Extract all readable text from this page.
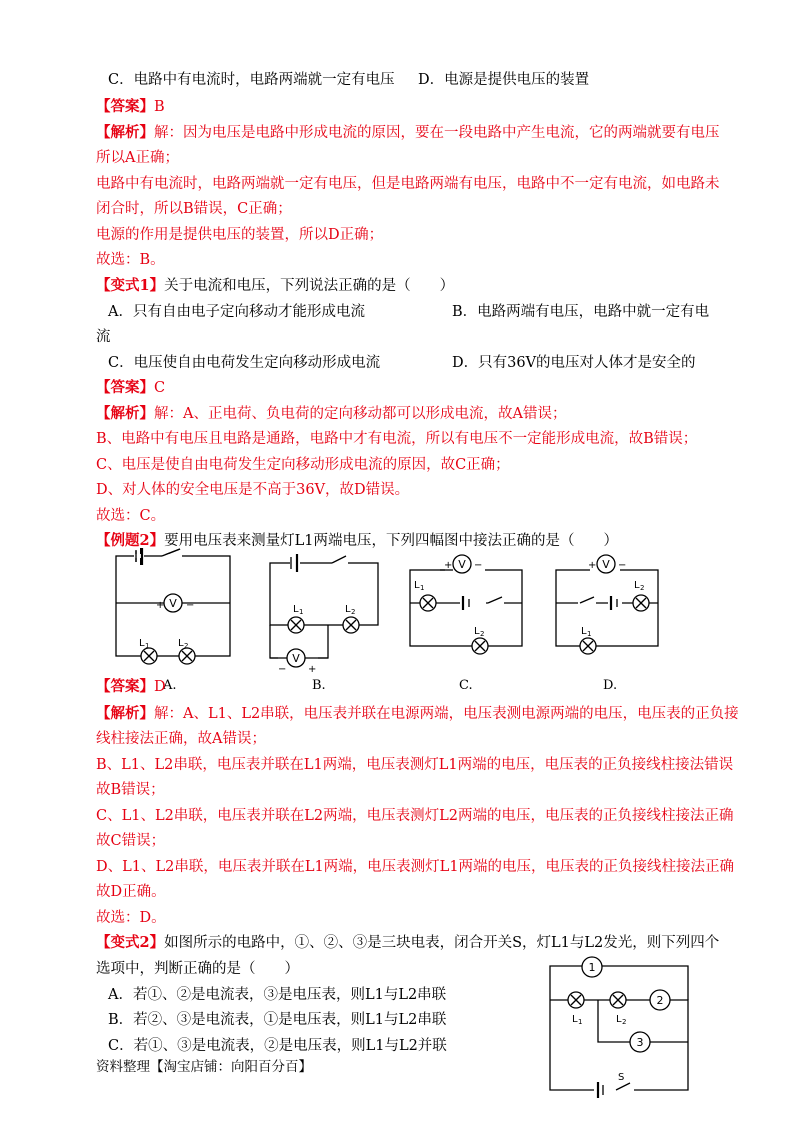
C．电路中有电流时，电路两端就一定有电压 D．电源是提供电压的装置
【答案】B
【解析】解：因为电压是电路中形成电流的原因，要在一段电路中产生电流，它的两端就要有电压
所以A正确；
电路中有电流时，电路两端就一定有电压，但是电路两端有电压，电路中不一定有电流，如电路未
闭合时，所以B错误，C正确；
电源的作用是提供电压的装置，所以D正确；
故选：B。
【变式1】关于电流和电压，下列说法正确的是（　　）
A．只有自由电子定向移动才能形成电流	B．电路两端有电压，电路中就一定有电
流
C．电压使自由电荷发生定向移动形成电流	D．只有36V的电压对人体才是安全的
【答案】C
【解析】解：A、正电荷、负电荷的定向移动都可以形成电流，故A错误；
B、电路中有电压且电路是通路，电路中才有电流，所以有电压不一定能形成电流，故B错误；
C、电压是使自由电荷发生定向移动形成电流的原因，故C正确；
D、对人体的安全电压是不高于36V，故D错误。
故选：C。
【例题2】要用电压表来测量灯L1两端电压，下列四幅图中接法正确的是（　　）
V
+ −
L 1	L 2
V
− +
L 1	L 2
V
+ −
L 1
L 2
V
+ −
L 2
L 1
A.	B.	C.	D.
【答案】D
【解析】解：A、L1、L2串联，电压表并联在电源两端，电压表测电源两端的电压，电压表的正负接
线柱接法正确，故A错误；
B、L1、L2串联，电压表并联在L1两端，电压表测灯L1两端的电压，电压表的正负接线柱接法错误
故B错误；
C、L1、L2串联，电压表并联在L2两端，电压表测灯L2两端的电压，电压表的正负接线柱接法正确
故C错误；
D、L1、L2串联，电压表并联在L1两端，电压表测灯L1两端的电压，电压表的正负接线柱接法正确
故D正确。
故选：D。
【变式2】如图所示的电路中，①、②、③是三块电表，闭合开关S，灯L1与L2发光，则下列四个
选项中，判断正确的是（　　）
A．若①、②是电流表，③是电压表，则L1与L2串联
B．若②、③是电流表，①是电压表，则L1与L2串联
C．若①、③是电流表，②是电压表，则L1与L2并联
1
2
3
L 1	L 2
S
资料整理【淘宝店铺：向阳百分百】
